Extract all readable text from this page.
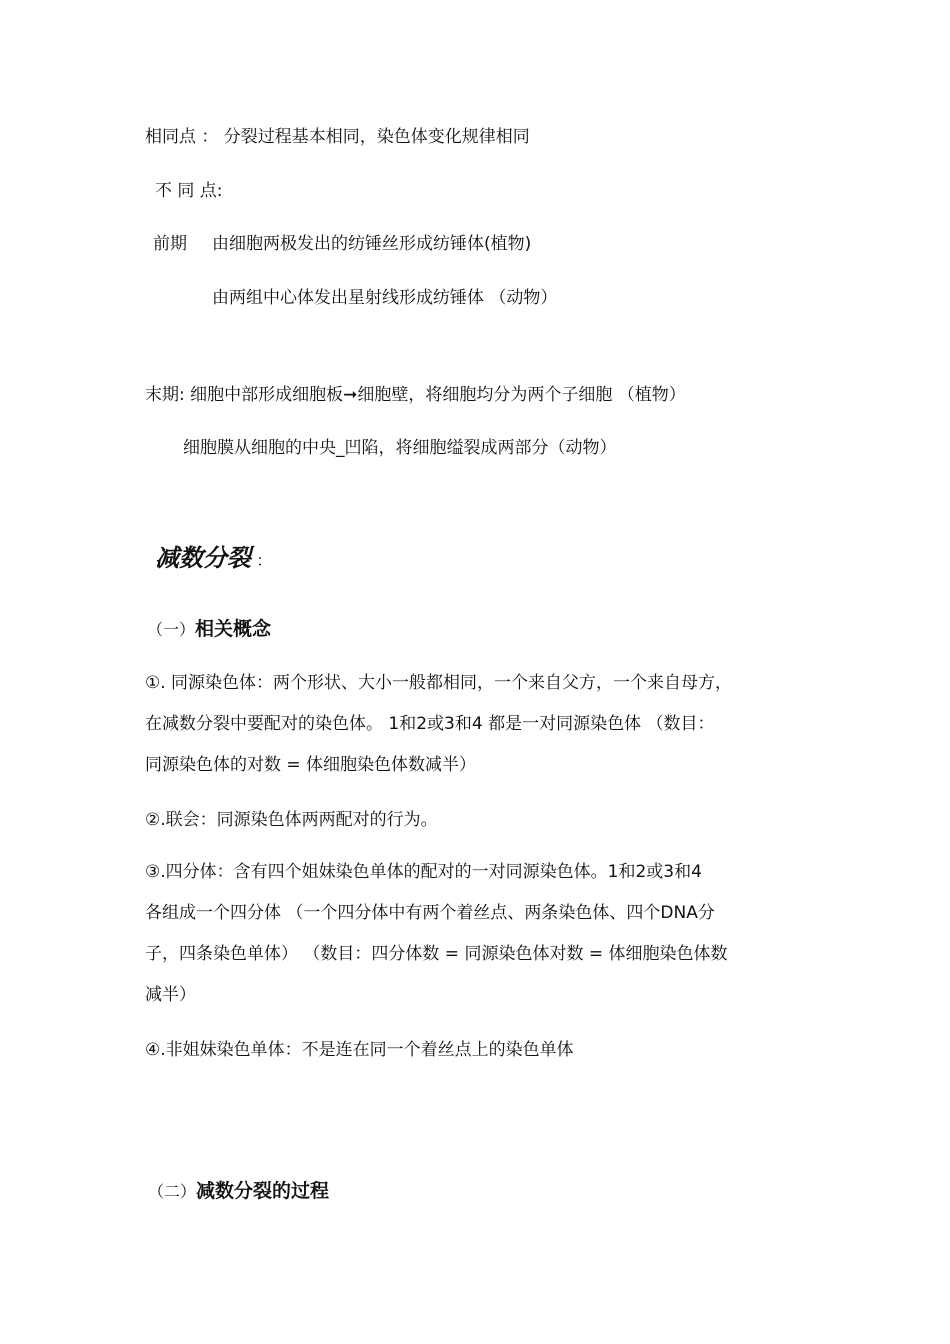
相同点 ： 分裂过程基本相同，染色体变化规律相同
不 同 点:
前期 由细胞两极发出的纺锤丝形成纺锤体(植物)
由两组中心体发出星射线形成纺锤体 （动物）
末期: 细胞中部形成细胞板➞细胞壁，将细胞均分为两个子细胞 （植物）
细胞膜从细胞的中央_凹陷，将细胞缢裂成两部分（动物）
减数分裂 ：
（一）相关概念
①. 同源染色体：两个形状、大小一般都相同，一个来自父方，一个来自母方，
在减数分裂中要配对的染色体。 1和2或3和4 都是一对同源染色体 （数目：
同源染色体的对数 = 体细胞染色体数减半）
②.联会：同源染色体两两配对的行为。
③.四分体：含有四个姐妹染色单体的配对的一对同源染色体。1和2或3和4
各组成一个四分体 （一个四分体中有两个着丝点、两条染色体、四个DNA分
子，四条染色单体） （数目：四分体数 = 同源染色体对数 = 体细胞染色体数
减半）
④.非姐妹染色单体：不是连在同一个着丝点上的染色单体
（二）减数分裂的过程
